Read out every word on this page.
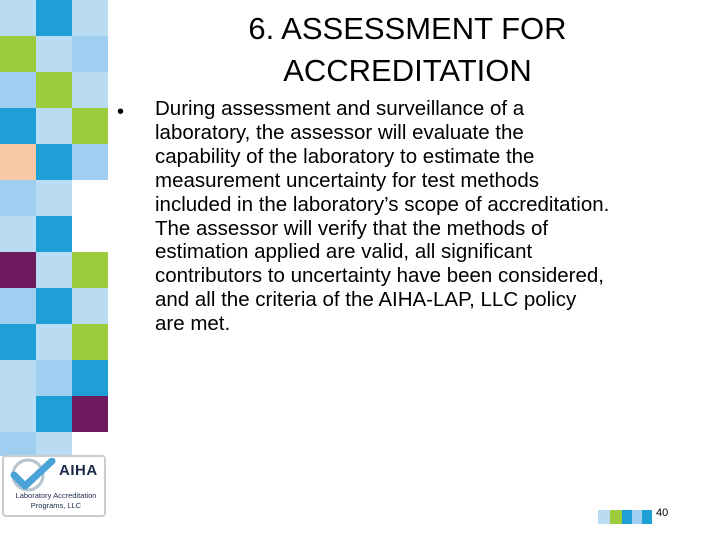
6. ASSESSMENT FOR ACCREDITATION
• During assessment and surveillance of a
laboratory, the assessor will evaluate the
capability of the laboratory to estimate the
measurement uncertainty for test methods
included in the laboratory’s scope of accreditation.
The assessor will verify that the methods of
estimation applied are valid, all significant
contributors to uncertainty have been considered,
and all the criteria of the AIHA-LAP, LLC policy
are met.
AIHA
Laboratory Accreditation
Programs, LLC
40
